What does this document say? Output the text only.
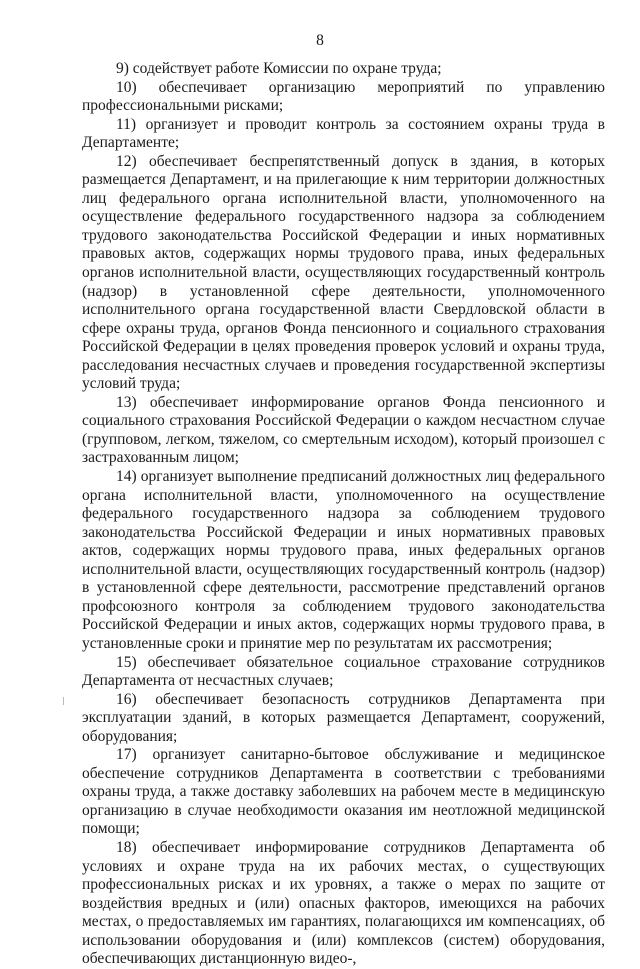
8

9) содействует работе Комиссии по охране труда;

10) обеспечивает организацию мероприятий по управлению профессиональными рисками;

11) организует и проводит контроль за состоянием охраны труда в Департаменте;

12) обеспечивает беспрепятственный допуск в здания, в которых размещается Департамент, и на прилегающие к ним территории должностных лиц федерального органа исполнительной власти, уполномоченного на осуществление федерального государственного надзора за соблюдением трудового законодательства Российской Федерации и иных нормативных правовых актов, содержащих нормы трудового права, иных федеральных органов исполнительной власти, осуществляющих государственный контроль (надзор) в установленной сфере деятельности, уполномоченного исполнительного органа государственной власти Свердловской области в сфере охраны труда, органов Фонда пенсионного и социального страхования Российской Федерации в целях проведения проверок условий и охраны труда, расследования несчастных случаев и проведения государственной экспертизы условий труда;

13) обеспечивает информирование органов Фонда пенсионного и социального страхования Российской Федерации о каждом несчастном случае (групповом, легком, тяжелом, со смертельным исходом), который произошел с застрахованным лицом;

14) организует выполнение предписаний должностных лиц федерального органа исполнительной власти, уполномоченного на осуществление федерального государственного надзора за соблюдением трудового законодательства Российской Федерации и иных нормативных правовых актов, содержащих нормы трудового права, иных федеральных органов исполнительной власти, осуществляющих государственный контроль (надзор) в установленной сфере деятельности, рассмотрение представлений органов профсоюзного контроля за соблюдением трудового законодательства Российской Федерации и иных актов, содержащих нормы трудового права, в установленные сроки и принятие мер по результатам их рассмотрения;

15) обеспечивает обязательное социальное страхование сотрудников Департамента от несчастных случаев;

16) обеспечивает безопасность сотрудников Департамента при эксплуатации зданий, в которых размещается Департамент, сооружений, оборудования;

17) организует санитарно-бытовое обслуживание и медицинское обеспечение сотрудников Департамента в соответствии с требованиями охраны труда, а также доставку заболевших на рабочем месте в медицинскую организацию в случае необходимости оказания им неотложной медицинской помощи;

18) обеспечивает информирование сотрудников Департамента об условиях и охране труда на их рабочих местах, о существующих профессиональных рисках и их уровнях, а также о мерах по защите от воздействия вредных и (или) опасных факторов, имеющихся на рабочих местах, о предоставляемых им гарантиях, полагающихся им компенсациях, об использовании оборудования и (или) комплексов (систем) оборудования, обеспечивающих дистанционную видео-,
